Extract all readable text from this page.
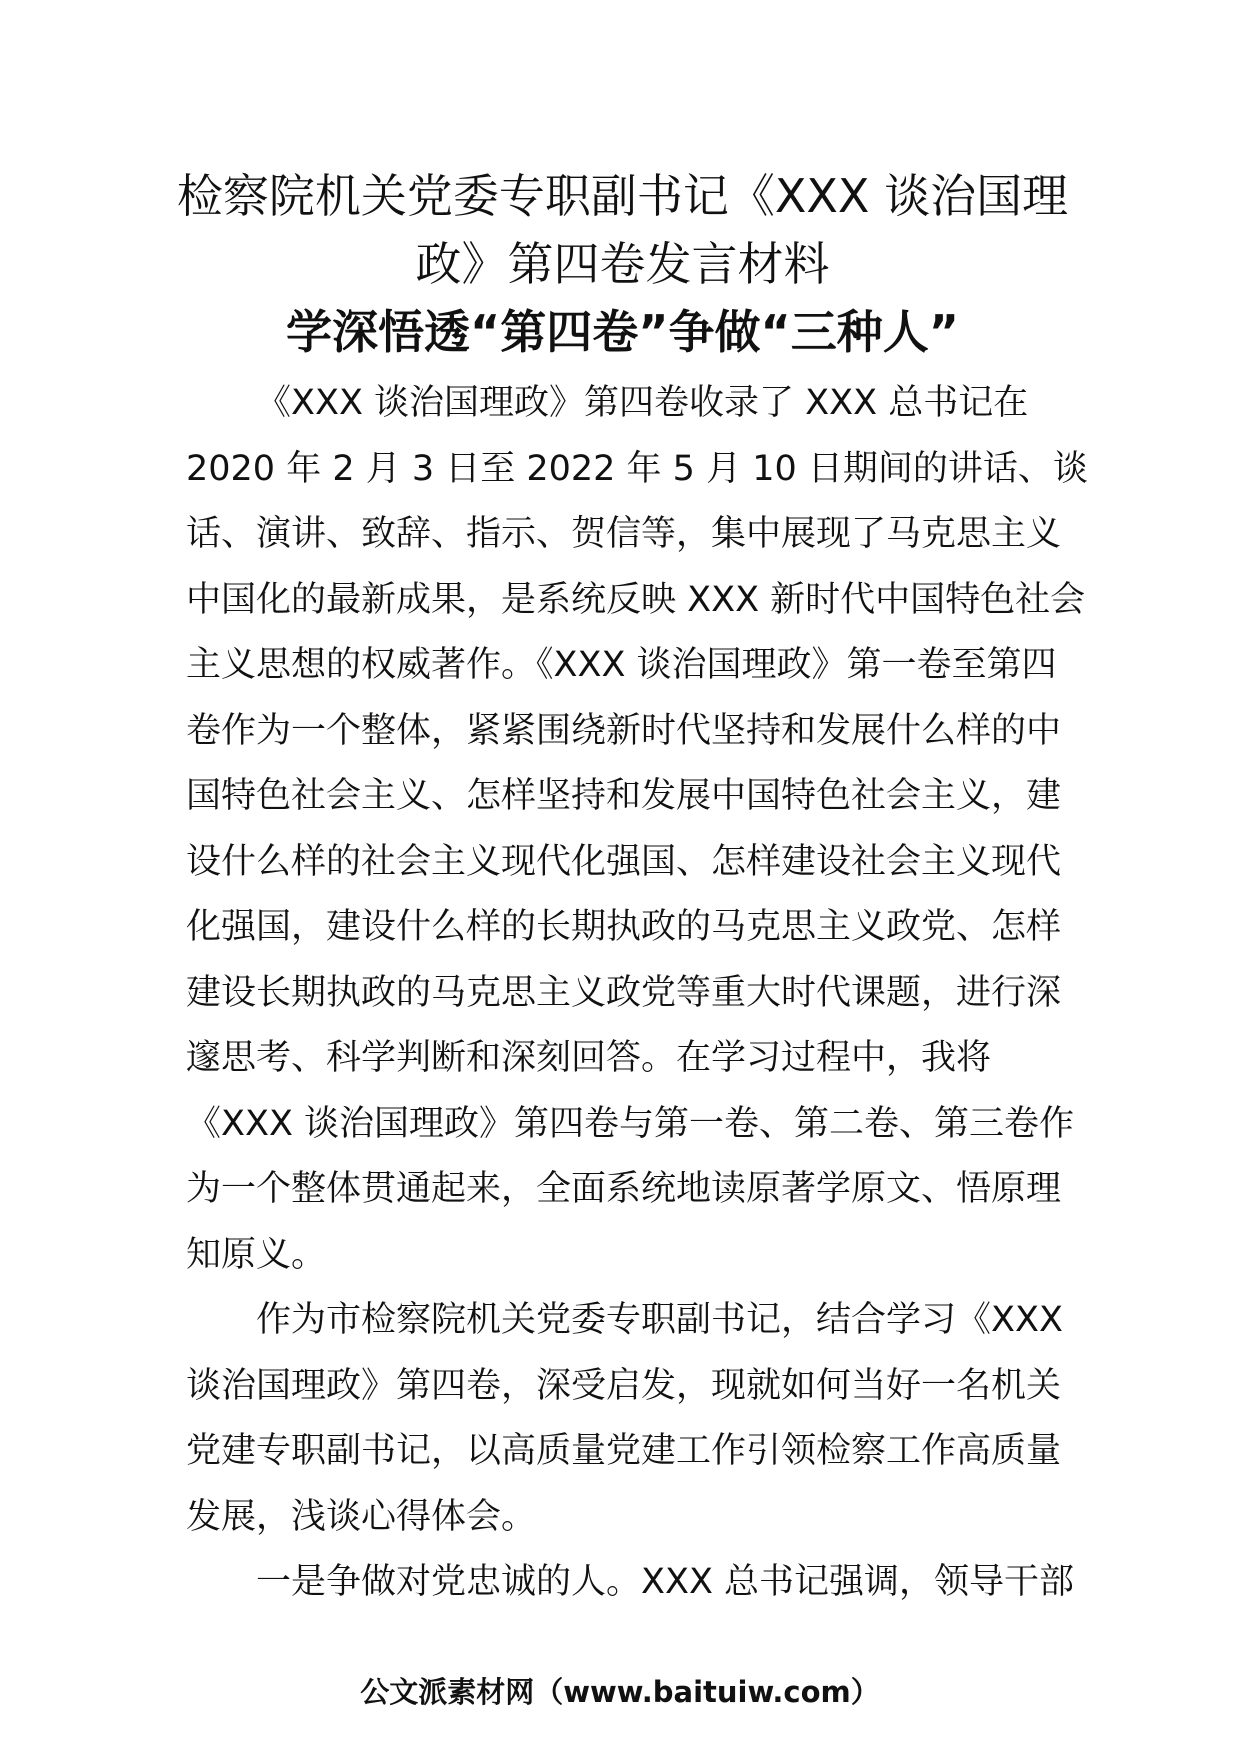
检察院机关党委专职副书记《XXX 谈治国理
政》第四卷发言材料
学深悟透“第四卷”争做“三种人”
《XXX 谈治国理政》第四卷收录了 XXX 总书记在
2020 年 2 月 3 日至 2022 年 5 月 10 日期间的讲话、谈
话、演讲、致辞、指示、贺信等，集中展现了马克思主义
中国化的最新成果，是系统反映 XXX 新时代中国特色社会
主义思想的权威著作。《XXX 谈治国理政》第一卷至第四
卷作为一个整体，紧紧围绕新时代坚持和发展什么样的中
国特色社会主义、怎样坚持和发展中国特色社会主义，建
设什么样的社会主义现代化强国、怎样建设社会主义现代
化强国，建设什么样的长期执政的马克思主义政党、怎样
建设长期执政的马克思主义政党等重大时代课题，进行深
邃思考、科学判断和深刻回答。在学习过程中，我将
《XXX 谈治国理政》第四卷与第一卷、第二卷、第三卷作
为一个整体贯通起来，全面系统地读原著学原文、悟原理
知原义。
作为市检察院机关党委专职副书记，结合学习《XXX
谈治国理政》第四卷，深受启发，现就如何当好一名机关
党建专职副书记，以高质量党建工作引领检察工作高质量
发展，浅谈心得体会。
一是争做对党忠诚的人。XXX 总书记强调，领导干部
公文派素材网（www.baituiw.com）
